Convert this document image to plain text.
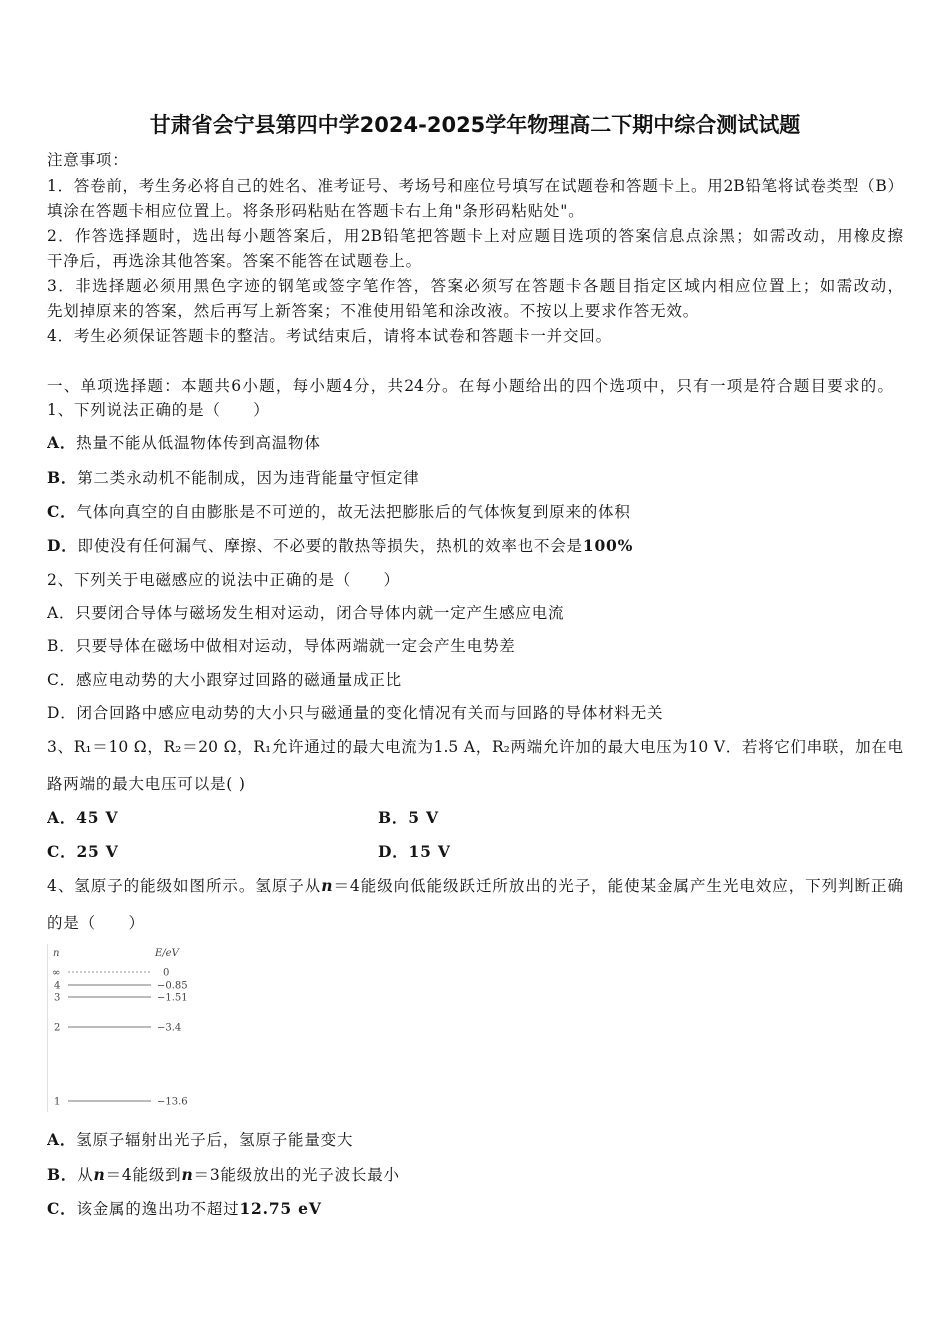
甘肃省会宁县第四中学2024-2025学年物理高二下期中综合测试试题
注意事项：
1．答卷前，考生务必将自己的姓名、准考证号、考场号和座位号填写在试题卷和答题卡上。用2B铅笔将试卷类型（B）
填涂在答题卡相应位置上。将条形码粘贴在答题卡右上角"条形码粘贴处"。
2．作答选择题时，选出每小题答案后，用2B铅笔把答题卡上对应题目选项的答案信息点涂黑；如需改动，用橡皮擦
干净后，再选涂其他答案。答案不能答在试题卷上。
3．非选择题必须用黑色字迹的钢笔或签字笔作答，答案必须写在答题卡各题目指定区域内相应位置上；如需改动，
先划掉原来的答案，然后再写上新答案；不准使用铅笔和涂改液。不按以上要求作答无效。
4．考生必须保证答题卡的整洁。考试结束后，请将本试卷和答题卡一并交回。
一、单项选择题：本题共6小题，每小题4分，共24分。在每小题给出的四个选项中，只有一项是符合题目要求的。
1、下列说法正确的是（　　）
A．热量不能从低温物体传到高温物体
B．第二类永动机不能制成，因为违背能量守恒定律
C．气体向真空的自由膨胀是不可逆的，故无法把膨胀后的气体恢复到原来的体积
D．即使没有任何漏气、摩擦、不必要的散热等损失，热机的效率也不会是100%
2、下列关于电磁感应的说法中正确的是（　　）
A．只要闭合导体与磁场发生相对运动，闭合导体内就一定产生感应电流
B．只要导体在磁场中做相对运动，导体两端就一定会产生电势差
C．感应电动势的大小跟穿过回路的磁通量成正比
D．闭合回路中感应电动势的大小只与磁通量的变化情况有关而与回路的导体材料无关
3、R₁＝10 Ω，R₂＝20 Ω，R₁允许通过的最大电流为1.5 A，R₂两端允许加的最大电压为10 V．若将它们串联，加在电
路两端的最大电压可以是( )
A．45 V	B．5 V
C．25 V	D．15 V
4、氢原子的能级如图所示。氢原子从n＝4能级向低能级跃迁所放出的光子，能使某金属产生光电效应，下列判断正确
的是（　　）
n	E/eV
∞	0
4	−0.85
3	−1.51
2	−3.4
1	−13.6
A．氢原子辐射出光子后，氢原子能量变大
B．从n＝4能级到n＝3能级放出的光子波长最小
C．该金属的逸出功不超过12.75 eV
